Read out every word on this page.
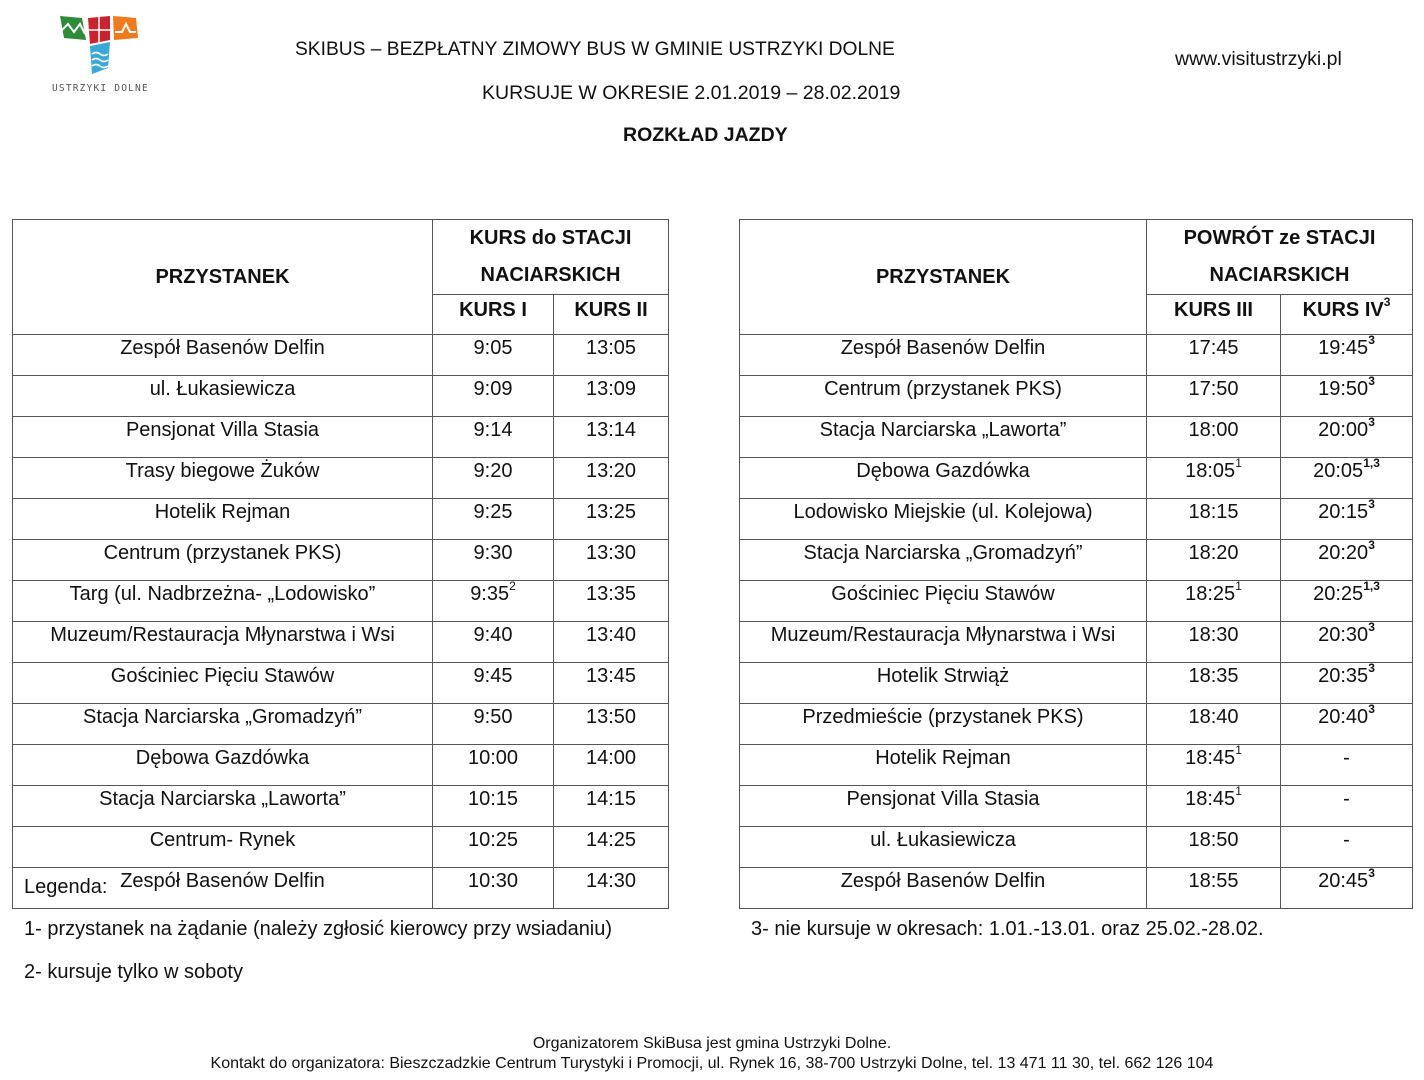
USTRZYKI DOLNE
SKIBUS – BEZPŁATNY ZIMOWY BUS W GMINIE USTRZYKI DOLNE
KURSUJE W OKRESIE 2.01.2019 – 28.02.2019
ROZKŁAD JAZDY
www.visitustrzyki.pl
PRZYSTANEK	KURS do STACJI
NACIARSKICH	
	KURS I	KURS II
Zespół Basenów Delfin	9:05	13:05
ul. Łukasiewicza	9:09	13:09
Pensjonat Villa Stasia	9:14	13:14
Trasy biegowe Żuków	9:20	13:20
Hotelik Rejman	9:25	13:25
Centrum (przystanek PKS)	9:30	13:30
Targ (ul. Nadbrzeżna- „Lodowisko”	$9:35^2$	13:35
Muzeum/Restauracja Młynarstwa i Wsi	9:40	13:40
Gościniec Pięciu Stawów	9:45	13:45
Stacja Narciarska „Gromadzyń”	9:50	13:50
Dębowa Gazdówka	10:00	14:00
Stacja Narciarska „Laworta”	10:15	14:15
Centrum- Rynek	10:25	14:25
Zespół Basenów Delfin	10:30	14:30
PRZYSTANEK	POWRÓT ze STACJI
NACIARSKICH	
	KURS III	KURS $IV^3$
Zespół Basenów Delfin	17:45	$19:45^3$
Centrum (przystanek PKS)	17:50	$19:50^3$
Stacja Narciarska „Laworta”	18:00	$20:00^3$
Dębowa Gazdówka	$18:05^1$	20:05$^{1,3}$
Lodowisko Miejskie (ul. Kolejowa)	18:15	$20:15^3$
Stacja Narciarska „Gromadzyń”	18:20	$20:20^3$
Gościniec Pięciu Stawów	$18:25^1$	20:25$^{1,3}$
Muzeum/Restauracja Młynarstwa i Wsi	18:30	$20:30^3$
Hotelik Strwiąż	18:35	$20:35^3$
Przedmieście (przystanek PKS)	18:40	$20:40^3$
Hotelik Rejman	$18:45^1$	-
Pensjonat Villa Stasia	$18:45^1$	-
ul. Łukasiewicza	18:50	-
Zespół Basenów Delfin	18:55	$20:45^3$
Legenda:
1- przystanek na żądanie (należy zgłosić kierowcy przy wsiadaniu)
2- kursuje tylko w soboty
3- nie kursuje w okresach: 1.01.-13.01. oraz 25.02.-28.02.
Organizatorem SkiBusa jest gmina Ustrzyki Dolne.
Kontakt do organizatora: Bieszczadzkie Centrum Turystyki i Promocji, ul. Rynek 16, 38-700 Ustrzyki Dolne, tel. 13 471 11 30, tel. 662 126 104
